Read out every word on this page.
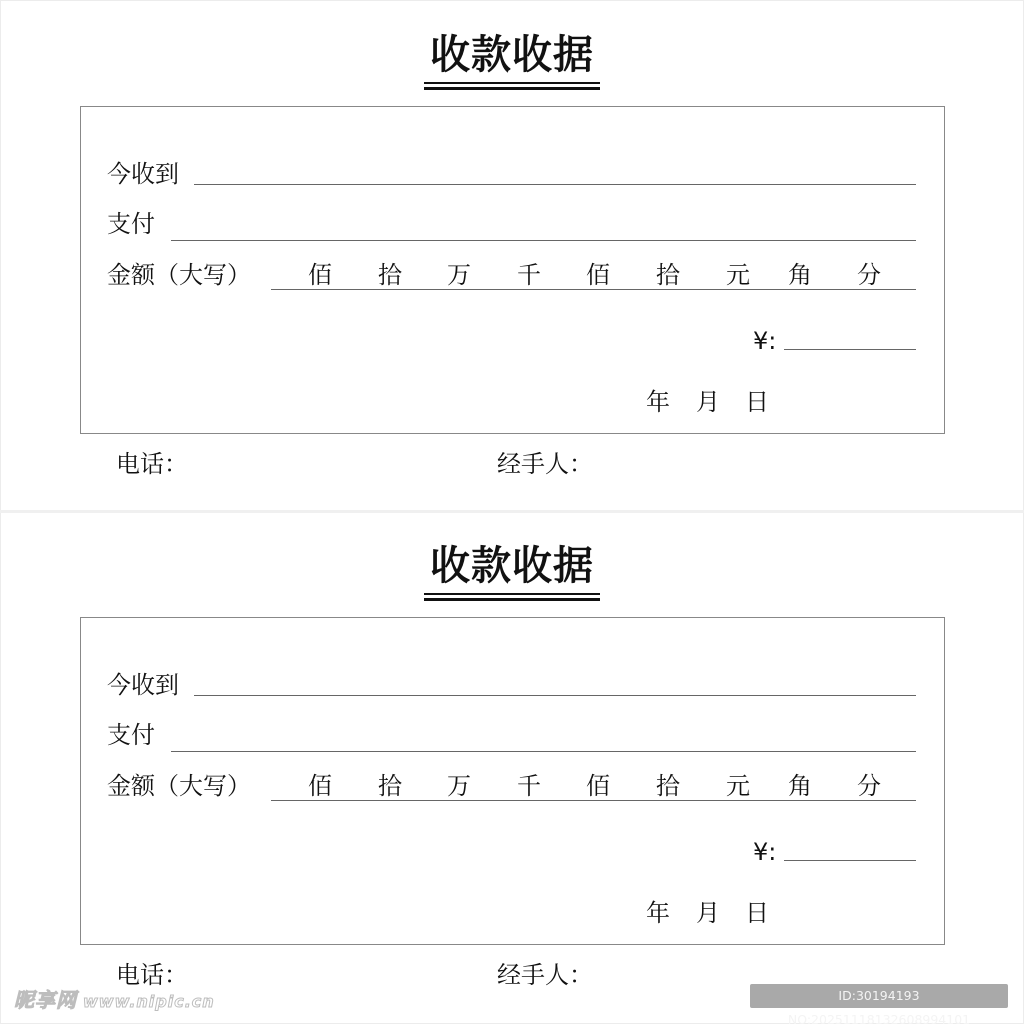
收款收据
今收到
支付
金额（大写） 佰 拾 万 千 佰 拾 元 角 分
¥:
年 月 日
电话：	经手人：
收款收据
今收到
支付
金额（大写） 佰 拾 万 千 佰 拾 元 角 分
¥:
年 月 日
电话：	经手人：
昵享网 www.nipic.cn	ID:30194193 NO:20251118132608994101
